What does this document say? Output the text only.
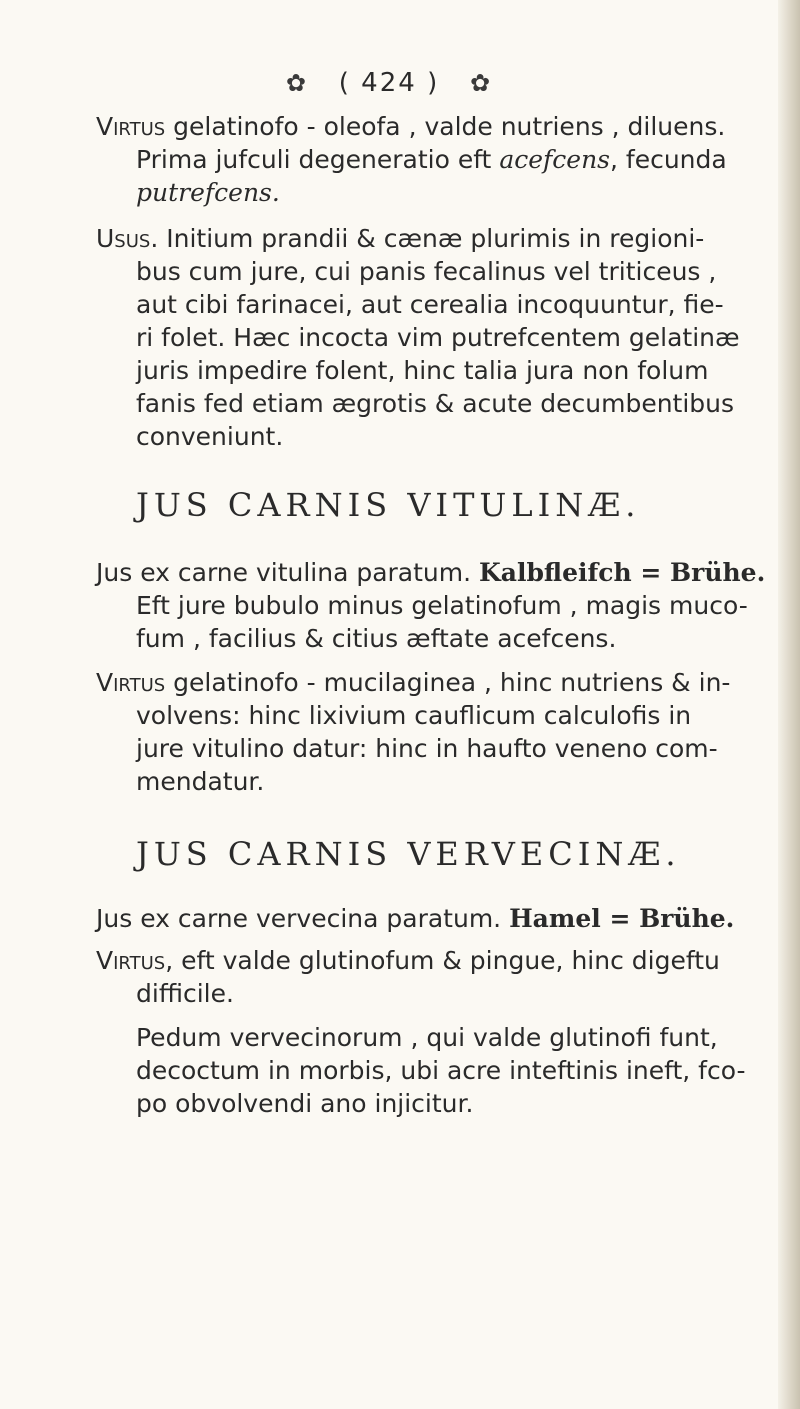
✿ ( 424 ) ✿
Virtus gelatinofo - oleofa , valde nutriens , diluens.
Prima jufculi degeneratio eft acefcens, fecunda
putrefcens.
Usus. Initium prandii & cænæ plurimis in regioni-
bus cum jure, cui panis fecalinus vel triticeus ,
aut cibi farinacei, aut cerealia incoquuntur, fie-
ri folet. Hæc incocta vim putrefcentem gelatinæ
juris impedire folent, hinc talia jura non folum
fanis fed etiam ægrotis & acute decumbentibus
conveniunt.
JUS CARNIS VITULINÆ.
Jus ex carne vitulina paratum. Kalbfleifch = Brühe.
Eft jure bubulo minus gelatinofum , magis muco-
fum , facilius & citius æftate acefcens.
Virtus gelatinofo - mucilaginea , hinc nutriens & in-
volvens: hinc lixivium cauflicum calculofis in
jure vitulino datur: hinc in haufto veneno com-
mendatur.
JUS CARNIS VERVECINÆ.
Jus ex carne vervecina paratum. Hamel = Brühe.
Virtus, eft valde glutinofum & pingue, hinc digeftu
difficile.
Pedum vervecinorum , qui valde glutinofi funt,
decoctum in morbis, ubi acre inteftinis ineft, fco-
po obvolvendi ano injicitur.
